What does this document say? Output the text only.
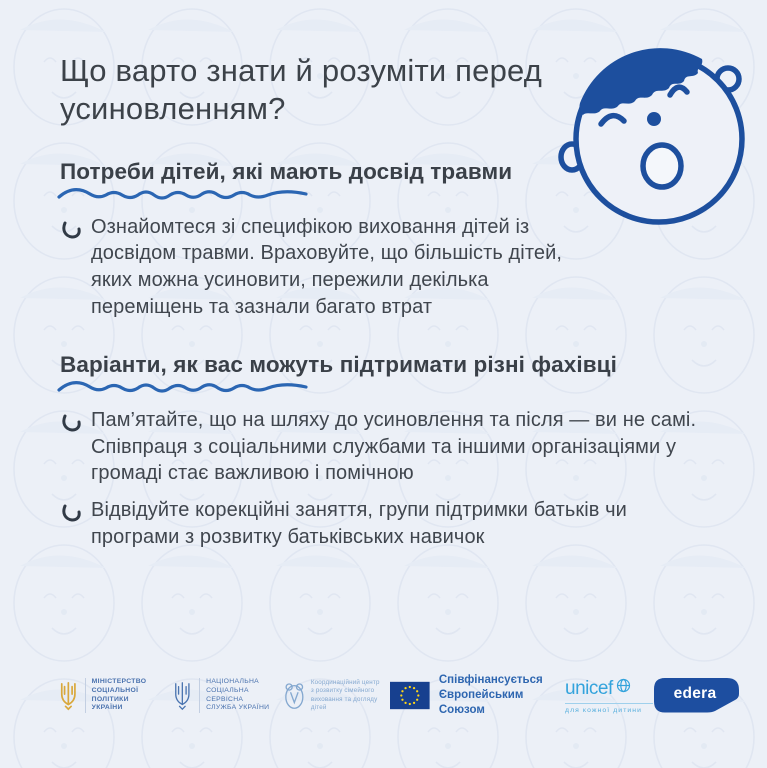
Що варто знати й розуміти перед усиновленням?
Потреби дітей, які мають досвід травми
Ознайомтеся зі специфікою виховання дітей із досвідом травми. Враховуйте, що більшість дітей, яких можна усиновити, пережили декілька переміщень та зазнали багато втрат
Варіанти, як вас можуть підтримати різні фахівці
Пам’ятайте, що на шляху до усиновлення та після — ви не самі. Співпраця з соціальними службами та іншими організаціями у громаді стає важливою і помічною
Відвідуйте корекційні заняття, групи підтримки батьків чи програми з розвитку батьківських навичок
МІНІСТЕРСТВО
СОЦІАЛЬНОЇ ПОЛІТИКИ
УКРАЇНИ
НАЦІОНАЛЬНА
СОЦІАЛЬНА СЕРВІСНА
СЛУЖБА УКРАЇНИ
Координаційний центр
з розвитку сімейного
виховання та догляду дітей
Співфінансується
Європейським Союзом
unicef
для кожної дитини
edera
